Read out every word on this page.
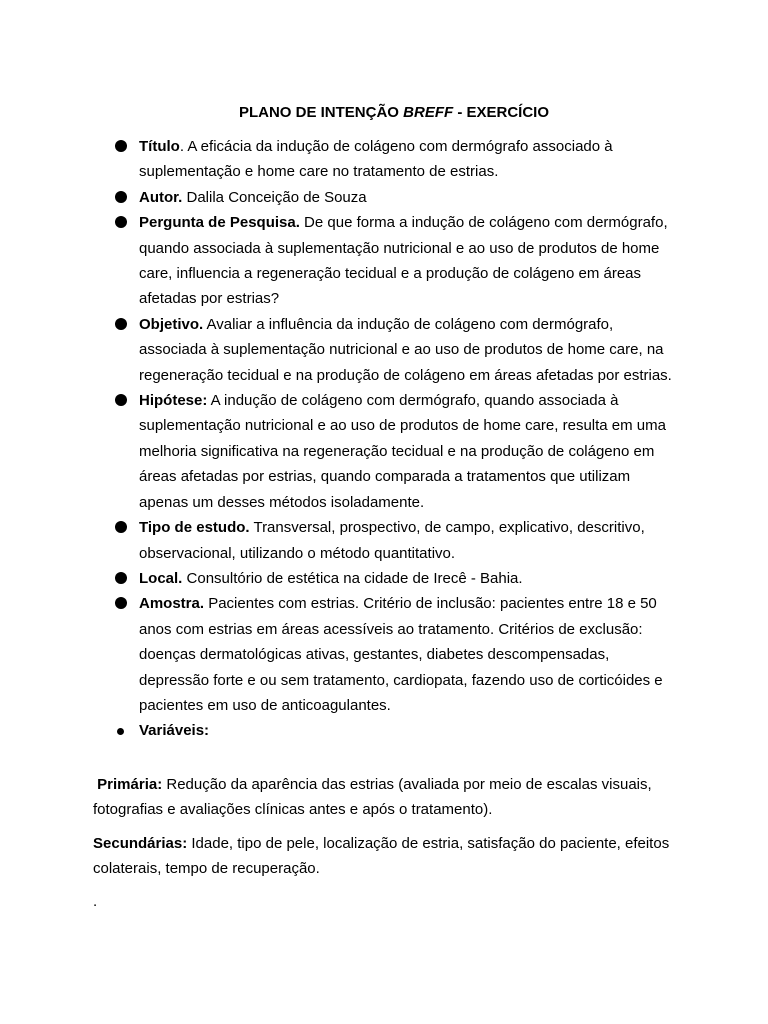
PLANO DE INTENÇÃO BREFF - EXERCÍCIO
Título. A eficácia da indução de colágeno com dermógrafo associado à suplementação e home care no tratamento de estrias.
Autor. Dalila Conceição de Souza
Pergunta de Pesquisa. De que forma a indução de colágeno com dermógrafo, quando associada à suplementação nutricional e ao uso de produtos de home care, influencia a regeneração tecidual e a produção de colágeno em áreas afetadas por estrias?
Objetivo. Avaliar a influência da indução de colágeno com dermógrafo, associada à suplementação nutricional e ao uso de produtos de home care, na regeneração tecidual e na produção de colágeno em áreas afetadas por estrias.
Hipótese: A indução de colágeno com dermógrafo, quando associada à suplementação nutricional e ao uso de produtos de home care, resulta em uma melhoria significativa na regeneração tecidual e na produção de colágeno em áreas afetadas por estrias, quando comparada a tratamentos que utilizam apenas um desses métodos isoladamente.
Tipo de estudo. Transversal, prospectivo, de campo, explicativo, descritivo, observacional, utilizando o método quantitativo.
Local. Consultório de estética na cidade de Irecê - Bahia.
Amostra. Pacientes com estrias. Critério de inclusão: pacientes entre 18 e 50 anos com estrias em áreas acessíveis ao tratamento. Critérios de exclusão: doenças dermatológicas ativas, gestantes, diabetes descompensadas, depressão forte e ou sem tratamento, cardiopata, fazendo uso de corticóides e pacientes em uso de anticoagulantes.
Variáveis:
Primária: Redução da aparência das estrias (avaliada por meio de escalas visuais, fotografias e avaliações clínicas antes e após o tratamento).
Secundárias: Idade, tipo de pele, localização de estria, satisfação do paciente, efeitos colaterais, tempo de recuperação.
.
